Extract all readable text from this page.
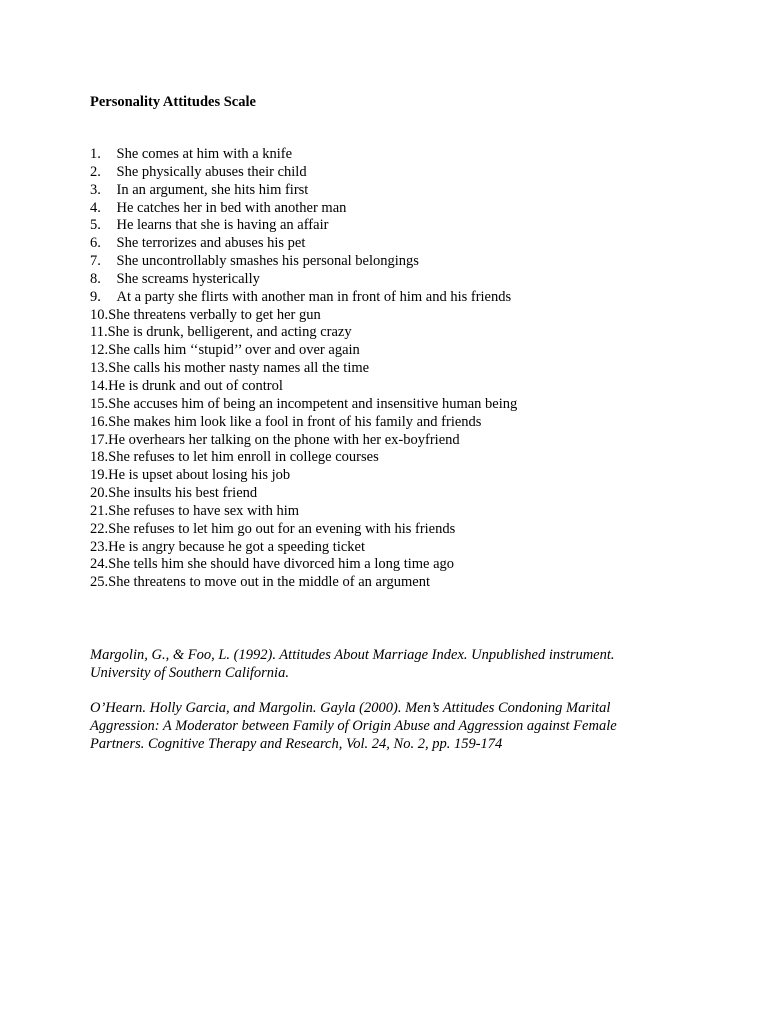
Personality Attitudes Scale
1. She comes at him with a knife
2. She physically abuses their child
3. In an argument, she hits him first
4. He catches her in bed with another man
5. He learns that she is having an affair
6. She terrorizes and abuses his pet
7. She uncontrollably smashes his personal belongings
8. She screams hysterically
9. At a party she flirts with another man in front of him and his friends
10.She threatens verbally to get her gun
11.She is drunk, belligerent, and acting crazy
12.She calls him ‘‘stupid’’ over and over again
13.She calls his mother nasty names all the time
14.He is drunk and out of control
15.She accuses him of being an incompetent and insensitive human being
16.She makes him look like a fool in front of his family and friends
17.He overhears her talking on the phone with her ex-boyfriend
18.She refuses to let him enroll in college courses
19.He is upset about losing his job
20.She insults his best friend
21.She refuses to have sex with him
22.She refuses to let him go out for an evening with his friends
23.He is angry because he got a speeding ticket
24.She tells him she should have divorced him a long time ago
25.She threatens to move out in the middle of an argument

Margolin, G., & Foo, L. (1992). Attitudes About Marriage Index. Unpublished instrument.
University of Southern California.

O’Hearn. Holly Garcia, and Margolin. Gayla (2000). Men’s Attitudes Condoning Marital
Aggression: A Moderator between Family of Origin Abuse and Aggression against Female
Partners. Cognitive Therapy and Research, Vol. 24, No. 2, pp. 159-174
